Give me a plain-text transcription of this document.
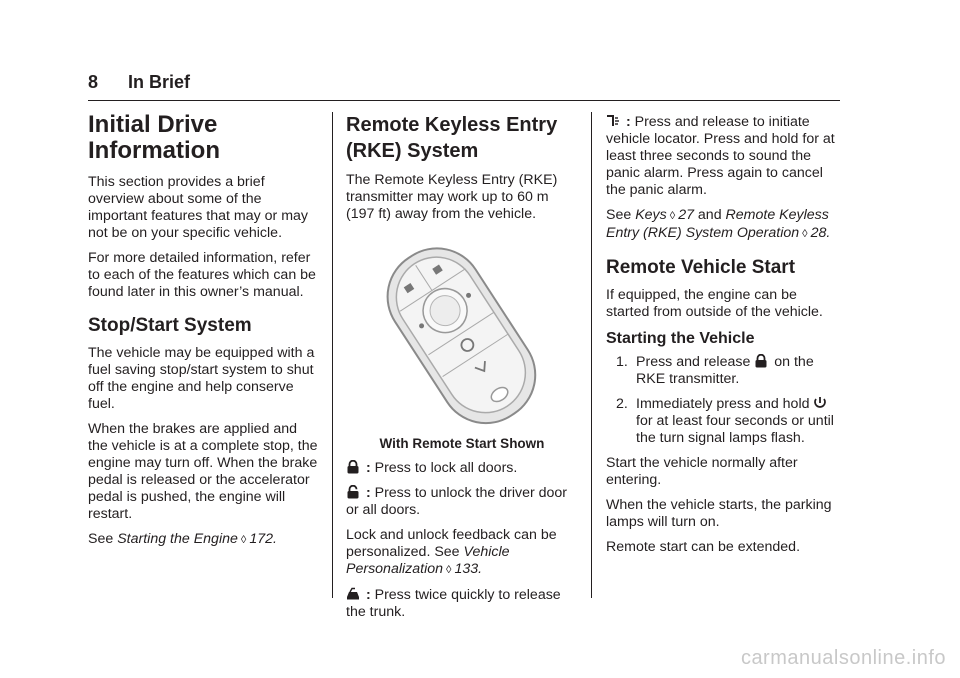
8 In Brief
Initial Drive
Information

This section provides a brief overview about some of the important features that may or may not be on your specific vehicle.

For more detailed information, refer to each of the features which can be found later in this owner’s manual.

Stop/Start System

The vehicle may be equipped with a fuel saving stop/start system to shut off the engine and help conserve fuel.

When the brakes are applied and the vehicle is at a complete stop, the engine may turn off. When the brake pedal is released or the accelerator pedal is pushed, the engine will restart.

See Starting the Engine ◊ 172.

Remote Keyless Entry
(RKE) System

The Remote Keyless Entry (RKE) transmitter may work up to 60 m (197 ft) away from the vehicle.

With Remote Start Shown

: Press to lock all doors.

: Press to unlock the driver door or all doors.

Lock and unlock feedback can be personalized. See Vehicle Personalization ◊ 133.

: Press twice quickly to release the trunk.

: Press and release to initiate vehicle locator. Press and hold for at least three seconds to sound the panic alarm. Press again to cancel the panic alarm.

See Keys ◊ 27 and Remote Keyless Entry (RKE) System Operation ◊ 28.

Remote Vehicle Start

If equipped, the engine can be started from outside of the vehicle.

Starting the Vehicle
1. Press and release on the RKE transmitter.
2. Immediately press and hold  for at least four seconds or until the turn signal lamps flash.

Start the vehicle normally after entering.

When the vehicle starts, the parking lamps will turn on.

Remote start can be extended.

carmanualsonline.info
